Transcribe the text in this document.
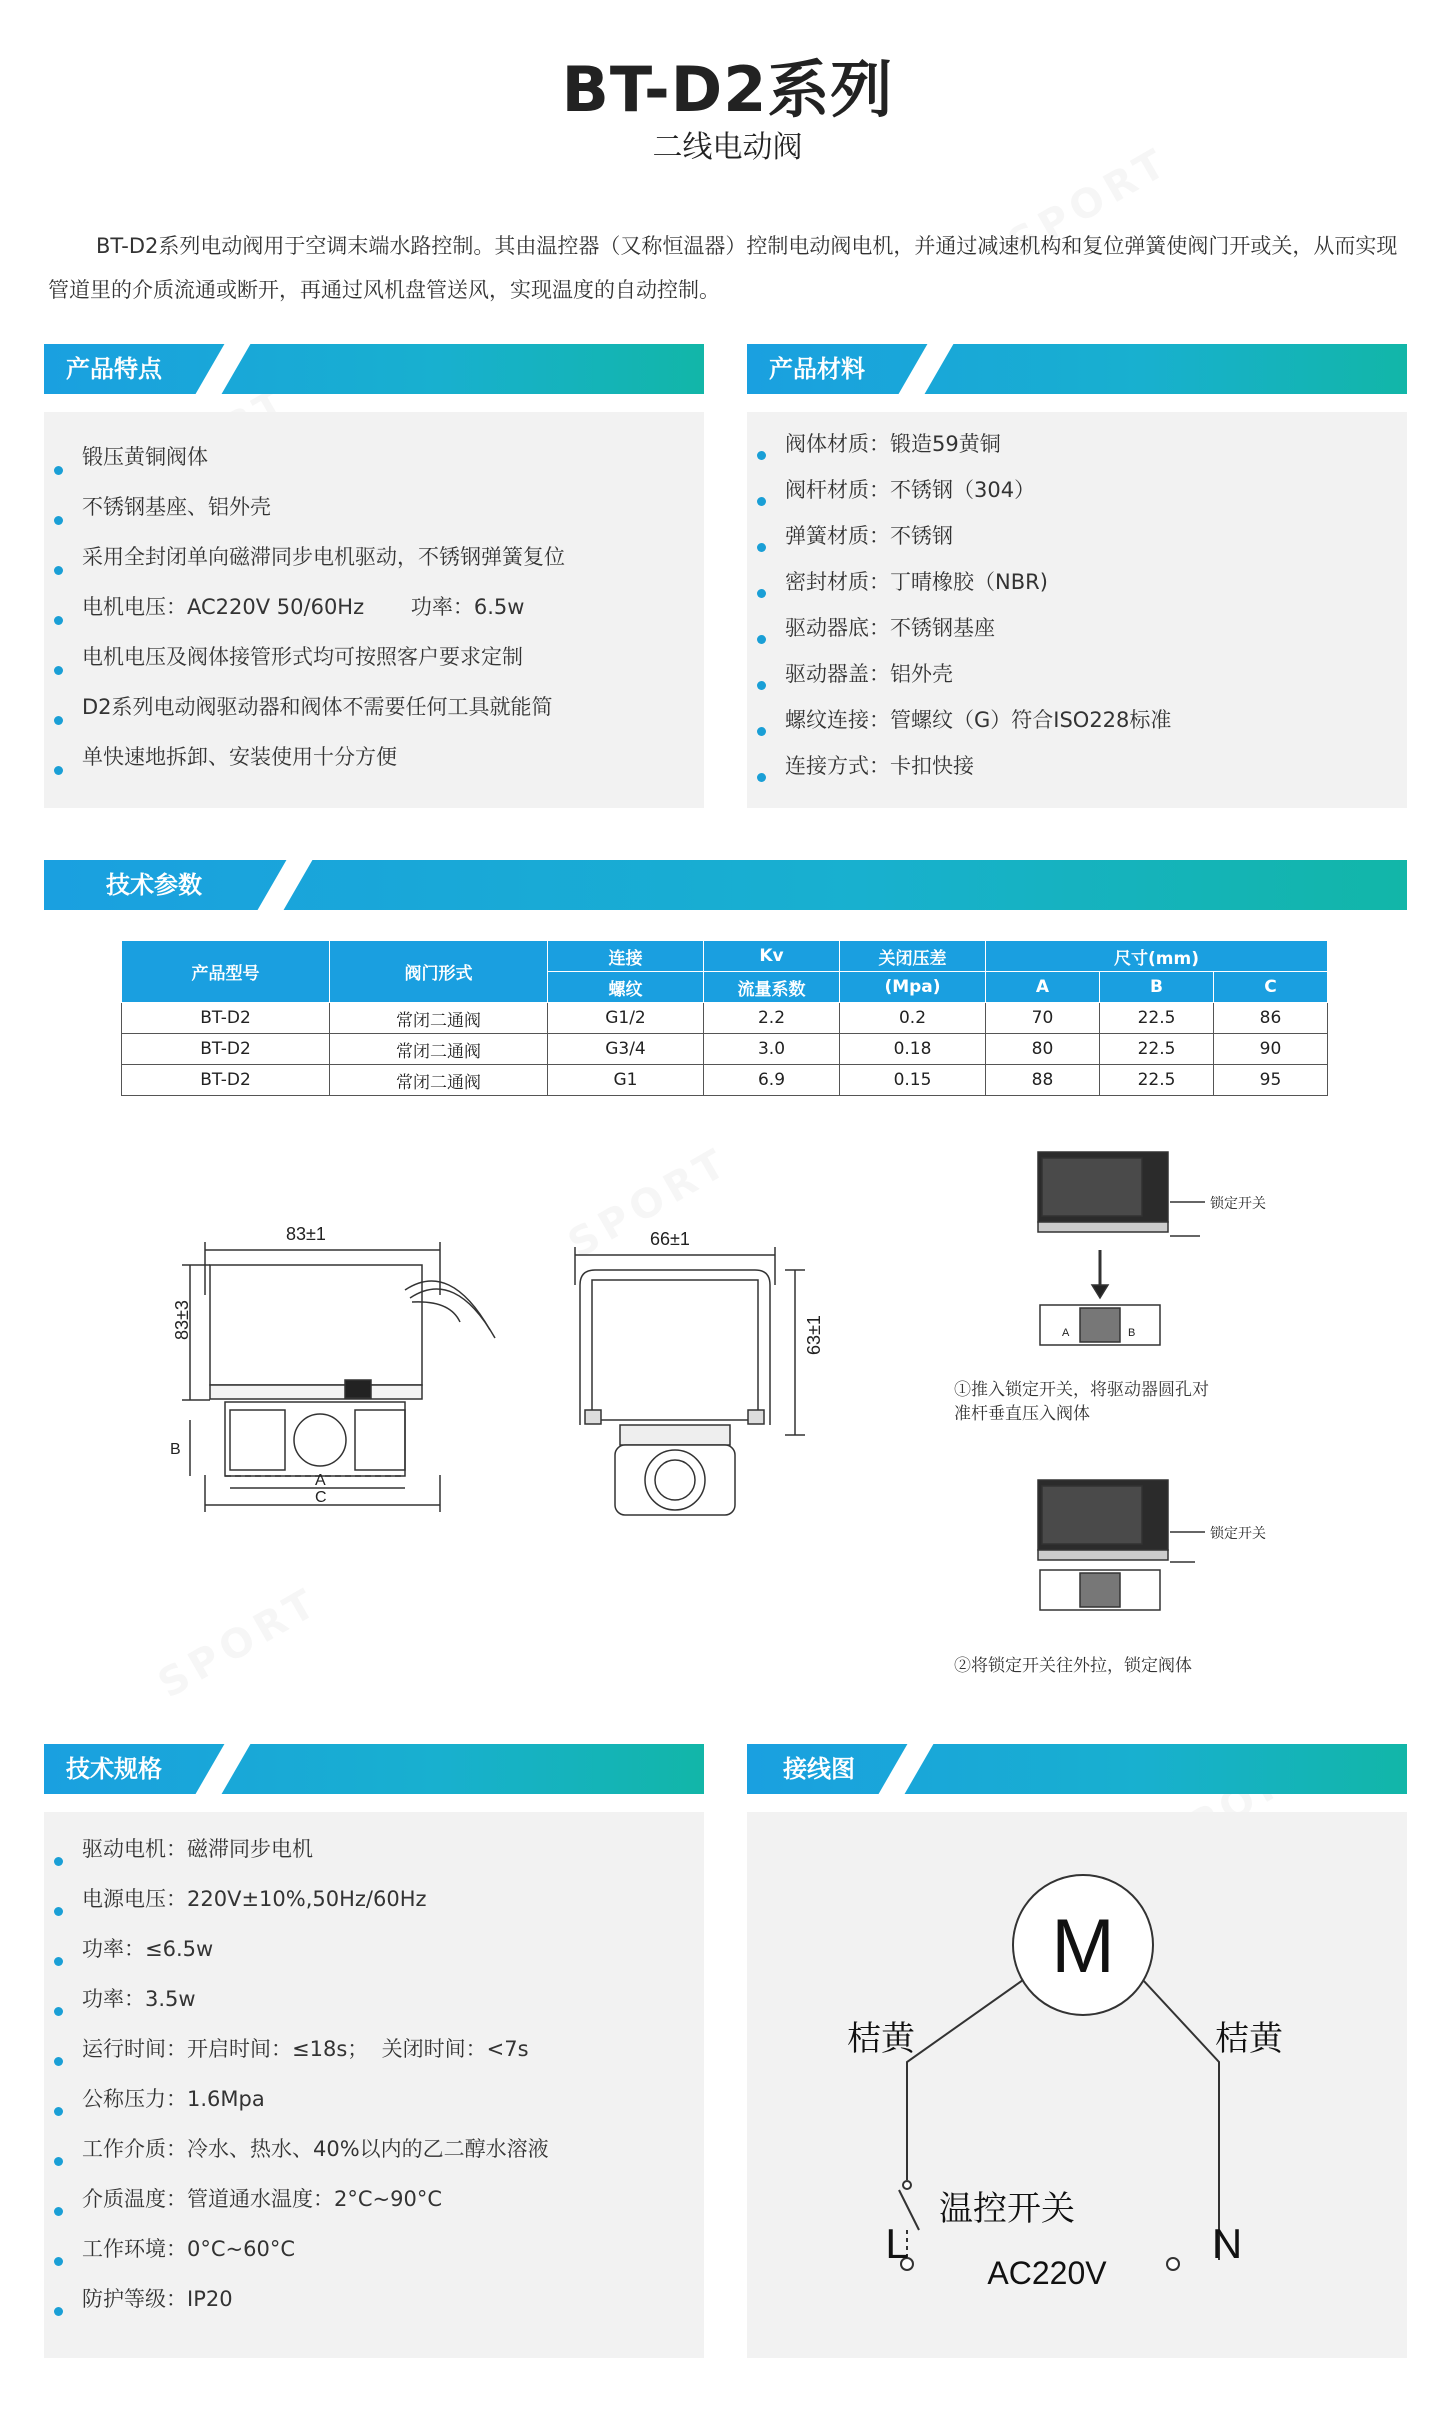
BT-D2系列
二线电动阀
BT-D2系列电动阀用于空调末端水路控制。其由温控器（又称恒温器）控制电动阀电机，并通过减速机构和复位弹簧使阀门开或关，从而实现管道里的介质流通或断开，再通过风机盘管送风，实现温度的自动控制。
产品特点	产品材料
锻压黄铜阀体
不锈钢基座、铝外壳
采用全封闭单向磁滞同步电机驱动，不锈钢弹簧复位
电机电压：AC220V 50/60Hz       功率：6.5w
电机电压及阀体接管形式均可按照客户要求定制
D2系列电动阀驱动器和阀体不需要任何工具就能简
单快速地拆卸、安装使用十分方便
阀体材质：锻造59黄铜
阀杆材质：不锈钢（304）
弹簧材质：不锈钢
密封材质：丁晴橡胶（NBR)
驱动器底：不锈钢基座
驱动器盖：铝外壳
螺纹连接：管螺纹（G）符合ISO228标准
连接方式：卡扣快接
技术参数
产品型号	阀门形式	连接	Kv	关闭压差	尺寸(mm)		
		螺纹	流量系数	(Mpa)	A	B	C
BT-D2	常闭二通阀	G1/2	2.2	0.2	70	22.5	86
BT-D2	常闭二通阀	G3/4	3.0	0.18	80	22.5	90
BT-D2	常闭二通阀	G1	6.9	0.15	88	22.5	95
83±1
83±3
B
A
C
66±1
63±1
锁定开关
A	B
①推入锁定开关，将驱动器圆孔对
准杆垂直压入阀体
锁定开关
②将锁定开关往外拉，锁定阀体
技术规格	接线图
驱动电机：磁滞同步电机
电源电压：220V±10%,50Hz/60Hz
功率：≤6.5w
功率：3.5w
运行时间：开启时间：≤18s；  关闭时间：<7s
公称压力：1.6Mpa
工作介质：冷水、热水、40%以内的乙二醇水溶液
介质温度：管道通水温度：2°C~90°C
工作环境：0°C~60°C
防护等级：IP20
M
桔黄	桔黄
温控开关
L	N
AC220V
